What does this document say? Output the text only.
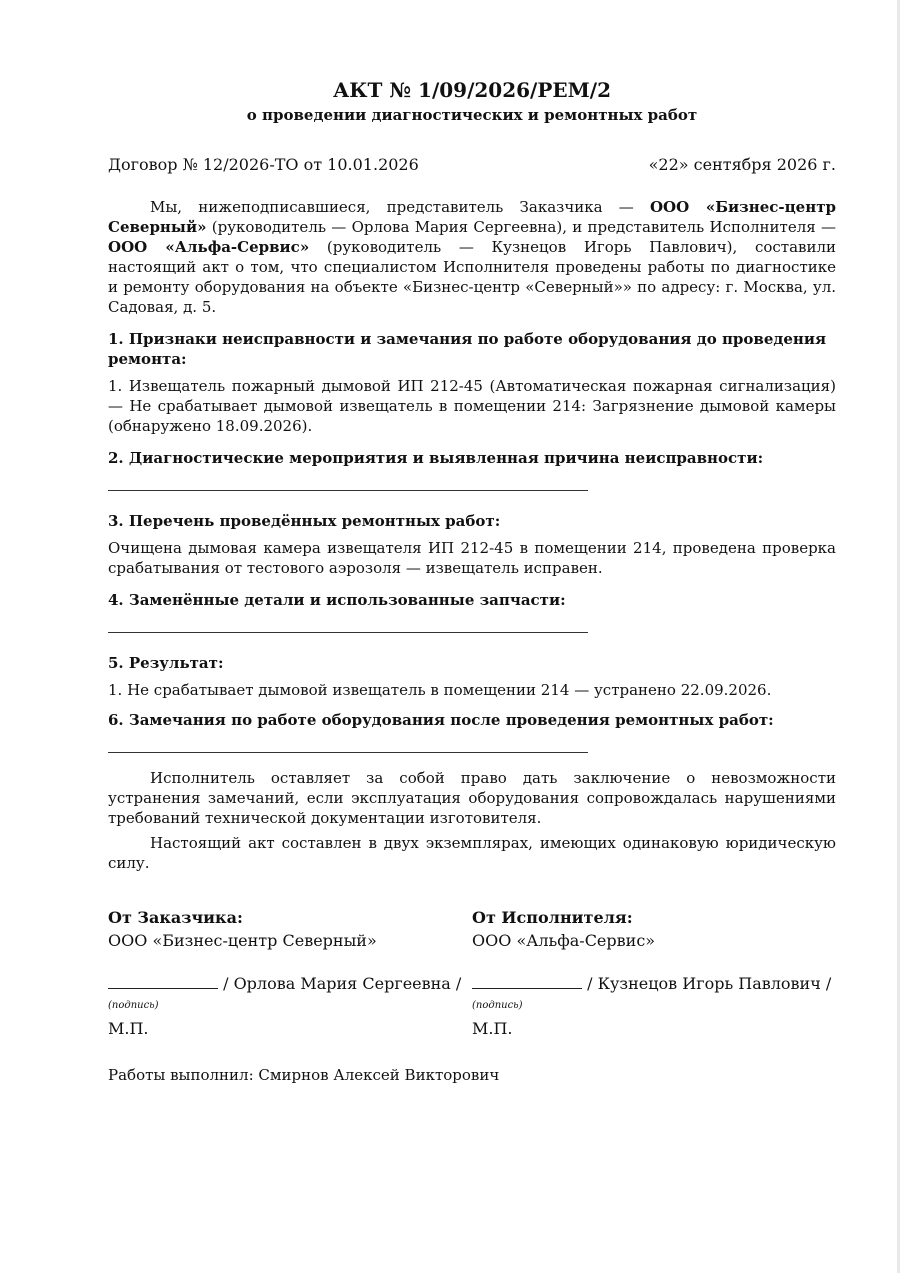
АКТ № 1/09/2026/РЕМ/2
о проведении диагностических и ремонтных работ
Договор № 12/2026-ТО от 10.01.2026	«22» сентября 2026 г.
Мы, нижеподписавшиеся, представитель Заказчика — ООО «Бизнес-центр Северный» (руководитель — Орлова Мария Сергеевна), и представитель Исполнителя — ООО «Альфа-Сервис» (руководитель — Кузнецов Игорь Павлович), составили настоящий акт о том, что специалистом Исполнителя проведены работы по диагностике и ремонту оборудования на объекте «Бизнес-центр «Северный»» по адресу: г. Москва, ул. Садовая, д. 5.
1. Признаки неисправности и замечания по работе оборудования до проведения ремонта:
1. Извещатель пожарный дымовой ИП 212-45 (Автоматическая пожарная сигнализация) — Не срабатывает дымовой извещатель в помещении 214: Загрязнение дымовой камеры (обнаружено 18.09.2026).
2. Диагностические мероприятия и выявленная причина неисправности:
3. Перечень проведённых ремонтных работ:
Очищена дымовая камера извещателя ИП 212-45 в помещении 214, проведена проверка срабатывания от тестового аэрозоля — извещатель исправен.
4. Заменённые детали и использованные запчасти:
5. Результат:
1. Не срабатывает дымовой извещатель в помещении 214 — устранено 22.09.2026.
6. Замечания по работе оборудования после проведения ремонтных работ:
Исполнитель оставляет за собой право дать заключение о невозможности устранения замечаний, если эксплуатация оборудования сопровождалась нарушениями требований технической документации изготовителя.
Настоящий акт составлен в двух экземплярах, имеющих одинаковую юридическую силу.
От Заказчика:
ООО «Бизнес-центр Северный»
/ Орлова Мария Сергеевна /
(подпись)
М.П.
От Исполнителя:
ООО «Альфа-Сервис»
/ Кузнецов Игорь Павлович /
(подпись)
М.П.
Работы выполнил: Смирнов Алексей Викторович
